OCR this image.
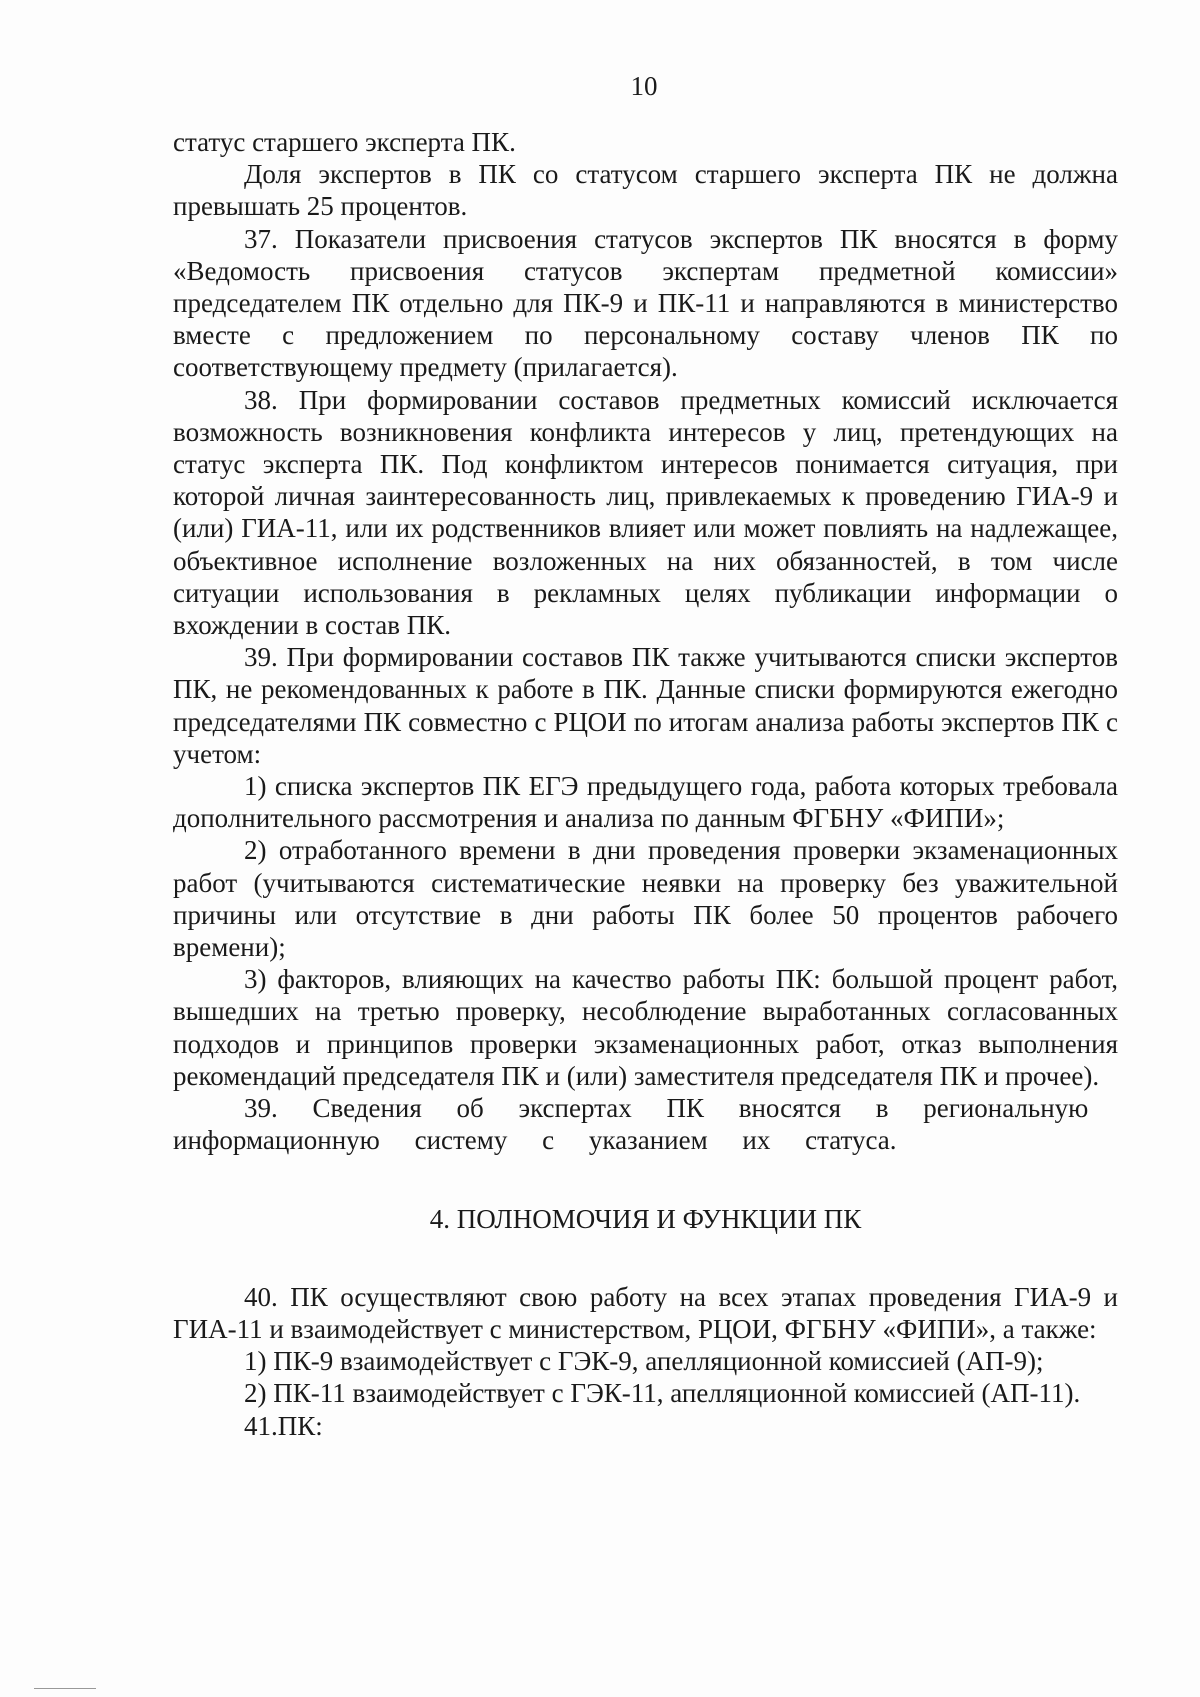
10

статус старшего эксперта ПК.

Доля экспертов в ПК со статусом старшего эксперта ПК не должна превышать 25 процентов.

37. Показатели присвоения статусов экспертов ПК вносятся в форму «Ведомость присвоения статусов экспертам предметной комиссии» председателем ПК отдельно для ПК-9 и ПК-11 и направляются в министерство вместе с предложением по персональному составу членов ПК по соответствующему предмету (прилагается).

38. При формировании составов предметных комиссий исключается возможность возникновения конфликта интересов у лиц, претендующих на статус эксперта ПК. Под конфликтом интересов понимается ситуация, при которой личная заинтересованность лиц, привлекаемых к проведению ГИА-9 и (или) ГИА-11, или их родственников влияет или может повлиять на надлежащее, объективное исполнение возложенных на них обязанностей, в том числе ситуации использования в рекламных целях публикации информации о вхождении в состав ПК.

39. При формировании составов ПК также учитываются списки экспертов ПК, не рекомендованных к работе в ПК. Данные списки формируются ежегодно председателями ПК совместно с РЦОИ по итогам анализа работы экспертов ПК с учетом:

1) списка экспертов ПК ЕГЭ предыдущего года, работа которых требовала дополнительного рассмотрения и анализа по данным ФГБНУ «ФИПИ»;

2) отработанного времени в дни проведения проверки экзаменационных работ (учитываются систематические неявки на проверку без уважительной причины или отсутствие в дни работы ПК более 50 процентов рабочего времени);

3) факторов, влияющих на качество работы ПК: большой процент работ, вышедших на третью проверку, несоблюдение выработанных согласованных подходов и принципов проверки экзаменационных работ, отказ выполнения рекомендаций председателя ПК и (или) заместителя председателя ПК и прочее).

39. Сведения об экспертах ПК вносятся в региональную информационную систему с указанием их статуса.

4. ПОЛНОМОЧИЯ И ФУНКЦИИ ПК

40. ПК осуществляют свою работу на всех этапах проведения ГИА-9 и ГИА-11 и взаимодействует с министерством, РЦОИ, ФГБНУ «ФИПИ», а также:

1) ПК-9 взаимодействует с ГЭК-9, апелляционной комиссией (АП-9);

2) ПК-11 взаимодействует с ГЭК-11, апелляционной комиссией (АП-11).

41.ПК:
